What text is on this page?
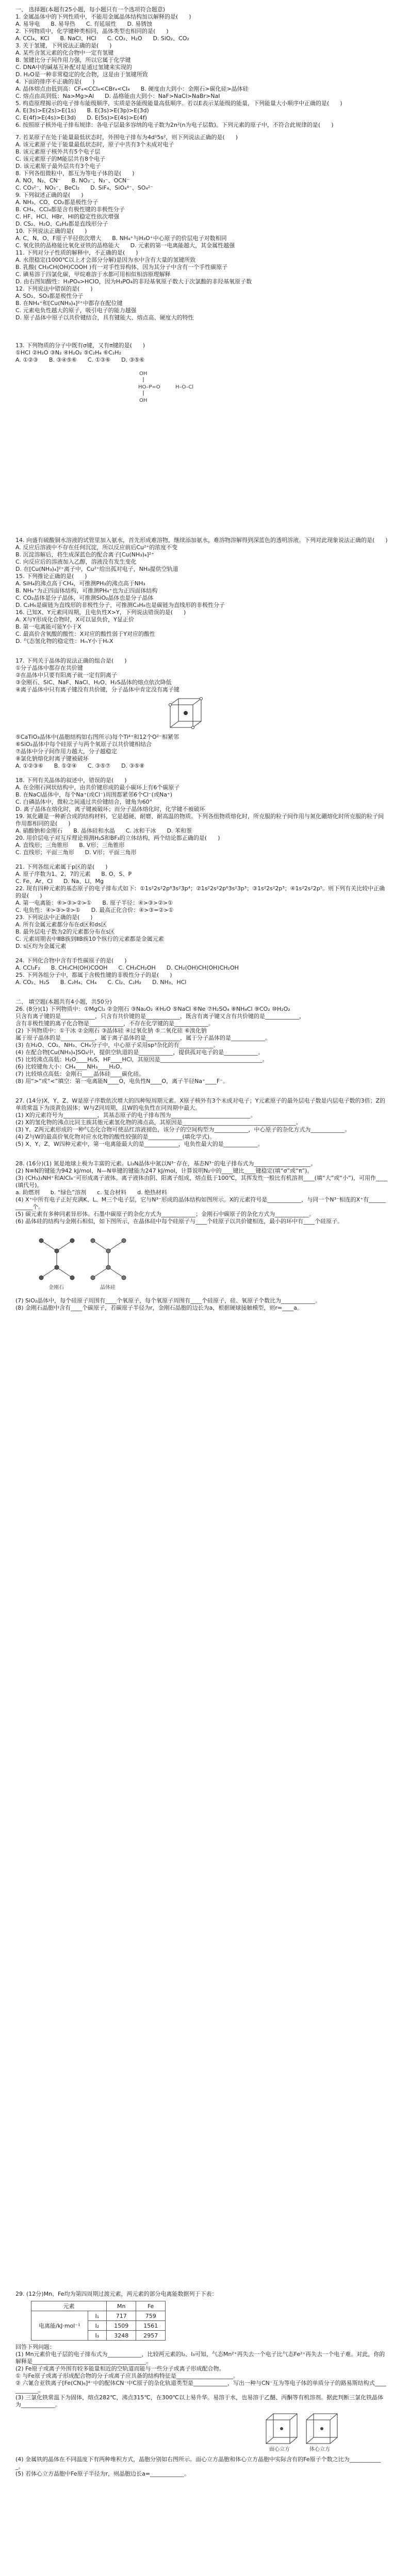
一、 选择题(本题有25小题，每小题只有一个选项符合题意)
1. 金属晶体中的下列性质中，不能用金属晶体结构加以解释的是(      )
A. 易导电      B. 易导热      C. 有延展性      D. 易锈蚀
2. 下列物质中，化学键种类相同，晶体类型也相同的是(      )
A. CCl₄、KCl      B. NaCl、HCl      C. CO₂、H₂O      D. SiO₂、CO₂
3. 关于氢键，下列说法正确的是(      )
A. 某些含氢元素的化合物中一定有氢键
B. 氢键比分子间作用力强，所以它属于化学键
C. DNA中的碱基互补配对是通过氢键来实现的
D. H₂O是一种非常稳定的化合物，这是由于氢键所致
4. 下面的排序不正确的是(      )
A. 晶体熔点由低到高：CF₄<CCl₄<CBr₄<CI₄      B. 硬度由大到小：金刚石>碳化硅>晶体硅
C. 熔点由高到低：Na>Mg>Al      D. 晶格能由大到小：NaF>NaCl>NaBr>NaI
5. 构造原理揭示的电子排布能级顺序，实质是各能级能量高低顺序。若以E表示某能级的能量，下列能量大小顺序中正确的是(      )
A. E(3s)>E(2s)>E(1s)      B. E(3s)>E(3p)>E(3d)
C. E(4f)>E(4s)>E(3d)      D. E(5s)>E(4s)>E(4f)
6. 按照原子核外电子排布规律：各电子层最多容纳的电子数为2n²(n为电子层数)。下列元素的原子中，不符合此规律的是(      )
7. 若某原子在处于能量最低状态时，外围电子排布为4d¹5s²，则下列说法正确的是(      )
A. 该元素原子处于能量最低状态时，原子中共有3个未成对电子
B. 该元素原子核外共有5个电子层
C. 该元素原子的M能层共有8个电子
D. 该元素原子最外层共有3个电子
8. 下列各组微粒中，都互为等电子体的是(      )
A. NO、N₂、CN⁻      B. NO₂⁻、N₃⁻、OCN⁻
C. CO₃²⁻、NO₃⁻、BeCl₂      D. SiF₄、SiO₄⁴⁻、SO₄²⁻
9. 下列叙述正确的是(      )
A. NH₃、CO、CO₂都是极性分子
B. CH₄、CCl₄都是含有极性键的非极性分子
C. HF、HCl、HBr、HI的稳定性依次增强
D. CS₂、H₂O、C₂H₂都是直线形分子
10. 下列说法正确的是(      )
A. C、N、O、F原子半径依次增大      B. NH₄⁺与H₃O⁺中心原子的价层电子对数相同
C. 氧化铁的晶格能比氧化亚铁的晶格能大      D. 元素的第一电离能越大，其金属性越强
11. 下列对分子性质的解释中，不正确的是(      )
A. 水很稳定(1000℃以上才会部分分解)是因为水中含有大量的氢键所致
B. 乳酸( CH₃CH(OH)COOH )有一对手性异构体，因为其分子中含有一个手性碳原子
C. 碘易溶于四氯化碳，甲烷难溶于水都可用相似相溶原理解释
D. 由右图知酸性：H₃PO₄>HClO，因为H₃PO₄的非羟基氧原子数大于次氯酸的非羟基氧原子数
12. 下列说法中错误的是(      )
A. SO₂、SO₃都是极性分子
B. 在NH₄⁺和[Cu(NH₃)₄]²⁺中都存在配位键
C. 元素电负性越大的原子，吸引电子的能力越强
D. 原子晶体中原子以共价键结合，具有键能大、熔点高、硬度大的特性
13. 下列物质的分子中既有σ键，又有π键的是(      )
①HCl ②H₂O ③N₂ ④H₂O₂ ⑤C₂H₄ ⑥C₂H₂
A. ①②③      B. ③④⑤⑥      C. ①③⑥      D. ③⑤⑥
OH
HO–P=O
OH
H–O–Cl
14. 向盛有硫酸铜水溶液的试管里加入氨水，首先形成难溶物，继续添加氨水，难溶物溶解得到深蓝色的透明溶液。下列对此现象说法正确的是(      )
A. 反应后溶液中不存在任何沉淀，所以反应前后Cu²⁺的浓度不变
B. 沉淀溶解后，将生成深蓝色的配合离子[Cu(NH₃)₄]²⁺
C. 向反应后的溶液加入乙醇，溶液没有发生变化
D. 在[Cu(NH₃)₄]²⁺离子中，Cu²⁺给出孤对电子，NH₃提供空轨道
15. 下列推论正确的是(      )
A. SiH₄的沸点高于CH₄，可推测PH₃的沸点高于NH₃
B. NH₄⁺为正四面体结构，可推测PH₄⁺也为正四面体结构
C. CO₂晶体是分子晶体，可推测SiO₂晶体也是分子晶体
D. C₂H₆是碳链为直线形的非极性分子，可推测C₃H₈也是碳链为直线形的非极性分子
16. 已知X、Y元素同周期，且电负性X>Y，下列说法错误的是(      )
A. X与Y形成化合物时，X可以显负价，Y显正价
B. 第一电离能可能Y小于X
C. 最高价含氧酸的酸性：X对应的酸性弱于Y对应的酸性
D. 气态氢化物的稳定性：HₘY小于HₙX
17. 下列关于晶体的说法正确的组合是(      )
①分子晶体中都存在共价键
②在晶体中只要有阳离子就一定有阴离子
③金刚石、SiC、NaF、NaCl、H₂O、H₂S晶体的熔点依次降低
④离子晶体中只有离子键没有共价键，分子晶体中肯定没有离子键
⑤CaTiO₃晶体中(晶胞结构如右图所示)每个Ti⁴⁺和12个O²⁻相紧邻
⑥SiO₂晶体中每个硅原子与两个氧原子以共价键相结合
⑦晶体中分子间作用力越大，分子越稳定
⑧氯化钠熔化时离子键被破坏
A. ①②③⑥      B. ①②④      C. ③⑤⑦      D. ③⑤⑧
18. 下列有关晶体的叙述中，错误的是(      )
A. 在金刚石网状结构中，由共价键形成的最小碳环上有6个碳原子
B. 在NaCl晶体中，每个Na⁺(或Cl⁻)周围都紧邻6个Cl⁻(或Na⁺)
C. 白磷晶体中，微粒之间通过共价键结合，键角为60°
D. 离子晶体在熔化时，离子键被破坏；而分子晶体熔化时，化学键不被破坏
19. 氮化硼是一种新合成的结构材料，它是超硬、耐磨、耐高温的物质。下列各组物质熔化时，所克服的粒子间作用与氮化硼熔化时所克服的粒子间作用都相同的是(      )
A. 硝酸钠和金刚石      B. 晶体硅和水晶      C. 冰和干冰      D. 苯和萘
20. 用价层电子对互斥理论预测H₂S和BF₃的立体结构，两个结论都正确的是(      )
A. 直线形；三角锥形      B. V形；三角锥形
C. 直线形；平面三角形      D. V形；平面三角形
21. 下列各组元素属于p区的是(      )
A. 原子序数为1、2、7的元素      B. O、S、P
C. Fe、Ar、Cl      D. Na、Li、Mg
22. 现有四种元素的基态原子的电子排布式如下：①1s²2s²2p⁶3s²3p⁴；②1s²2s²2p⁶3s²3p³；③1s²2s²2p³；④1s²2s²2p⁵。则下列有关比较中正确的是(      )
A. 第一电离能：④>③>②>①      B. 原子半径：④>③>②>①
C. 电负性：④>③>②>①      D. 最高正化合价：④>③=②>①
23. 下列说法中正确的是(      )
A. 所有金属元素都分布在d区和ds区
B. 最外层电子数为2的元素都分布在s区
C. 元素周期表中ⅢB族到ⅡB族10个纵行的元素都是金属元素
D. s区均为金属元素
24. 下列化合物中含有手性碳原子的是(      )
A. CCl₂F₂      B. CH₃CH(OH)COOH      C. CH₃CH₂OH      D. CH₂(OH)CH(OH)CH₂OH
25. 下列各组分子中，都属于含极性键的非极性分子的是(      )
A. CO₂、H₂S      B. C₂H₄、CH₄      C. Cl₂、C₂H₂      D. NH₃、HCl
二、 填空题(本题共有4小题，共50分)
26. (8分)(1) 下列物质中：①MgCl₂ ②金刚石 ③Na₂O₂ ④H₂O ⑤NaCl ⑥Ne ⑦H₂SO₄ ⑧NH₄Cl ⑨CO₂ ⑩H₂O₂
只含有离子键的是____________，只含有共价键的是____________，既含有离子键又含有共价键的是____________，
含有非极性键的离子化合物是____________，不存在化学键的是____________。
(2) 下列物质中：①干冰 ②金刚石 ③晶体硅 ④过氧化钠 ⑤二氧化硅 ⑥溴化钠
属于原子晶体的是____________，属于离子晶体的是____________，属于分子晶体的是____________。
(3) 在H₂O、CO₂、NH₃、CH₄分子中，中心原子采用sp³杂化的有____________。
(4) 在配合物[Cu(NH₃)₄]SO₄中，提供空轨道的是____________，提供孤对电子的是____________。
(5) 比较沸点高低：H₂O____H₂S，HF____HCl，其原因是____________________________________。
(6) 比较键角大小：CH₄____NH₃____H₂O。
(7) 比较熔点高低：金刚石____晶体硅____碳化硅。
(8) 用“>”或“<”填空：第一电离能N____O，电负性N____O，离子半径Na⁺____F⁻。
27. (14分)X、Y、Z、W是原子序数依次增大的四种短周期元素。X原子核外有3个未成对电子；Y元素原子的最外层电子数是内层电子数的3倍；Z的单质常温下为淡黄色固体；W与Z同周期，且W的电负性在同周期中最大。
(1) X的元素符号为____________，其基态原子的电子排布图为____________________________。
(2) X的氢化物的沸点比同主族其他元素氢化物的沸点高，其原因是________________________________________。
(3) Y、Z两元素形成的一种气态化合物可使品红溶液褪色，该分子的空间构型为____________，中心原子的杂化方式为____________。
(4) Z与W的最高价氧化物对应水化物的酸性较强的是____________(填化学式)。
(5) X、Y、Z、W四种元素中，第一电离能最大的是____________，电负性最大的是____________。
28. (16分)(1) 氮是地球上极为丰富的元素。Li₃N晶体中氮以N³⁻存在，基态N³⁻的电子排布式为____________________。
(2) N≡N的键能为942 kJ/mol，N—N单键的键能为247 kJ/mol，计算说明N₂中的____键比____键稳定(填“σ”或“π”)。
(3) (CH₃)₃NH⁺和AlCl₄⁻可形成离子液体。离子液体由阴、阳离子组成，熔点低于100℃，其挥发性一般比有机溶剂____(填“大”或“小”)，可用作____(填代号)。
a. 助燃剂      b. “绿色”溶剂      c. 复合材料      d. 绝热材料
(4) X⁺中所有电子正好充满K、L、M三个电子层，它与N³⁻形成的晶体结构如图所示。X的元素符号是____________，与同一个N³⁻相连的X⁺有____________个。
(5) 碳元素有多种同素异形体。石墨中碳原子的杂化方式为____________；金刚石中碳原子的杂化方式为____________。
(6) 晶体硅的结构与金刚石相似，如下图所示，在晶体硅中每个硅原子与____个硅原子以共价键相连，最小的环中有____个硅原子。
金刚石	晶体硅
(7) SiO₂晶体中，每个硅原子周围有____个氧原子，每个氧原子周围有____个硅原子，硅、氧原子个数比为____________。
(8) 金刚石晶胞中含有____个碳原子，若碳原子半径为r，金刚石晶胞的边长为a，根据硬球接触模型，则r=____a。
29. (12分)Mn、Fe均为第四周期过渡元素，两元素的部分电离能数据列于下表：
元素		Mn	Fe
电离能/kJ·mol⁻¹	I₁	717	759
	I₂	1509	1561
	I₃	3248	2957
回答下列问题：
(1) Mn元素价电子层的电子排布式为____________，比较两元素的I₂、I₃可知，气态Mn²⁺再失去一个电子比气态Fe²⁺再失去一个电子难。对此，你的解释是________________________________________。
(2) Fe原子或离子外围有较多能量相近的空轨道而能与一些分子或离子形成配合物。
① 与Fe原子或离子形成配合物的分子或离子应具备的结构特征是____________________。
② 六氰合亚铁离子[Fe(CN)₆]⁴⁻中的配体CN⁻中C原子的杂化轨道类型是____________，写出一种与CN⁻互为等电子体的单质分子的路易斯结构式____________。
(3) 三氯化铁常温下为固体，熔点282℃，沸点315℃，在300℃以上易升华。易溶于水，也易溶于乙醚、丙酮等有机溶剂。据此判断三氯化铁晶体为____________。
面心立方	体心立方
(4) 金属铁的晶体在不同温度下有两种堆积方式，晶胞分别如右图所示。面心立方晶胞和体心立方晶胞中实际含有的Fe原子个数之比为____________。
(5) 若体心立方晶胞中Fe原子半径为r，则晶胞边长a=____________。
